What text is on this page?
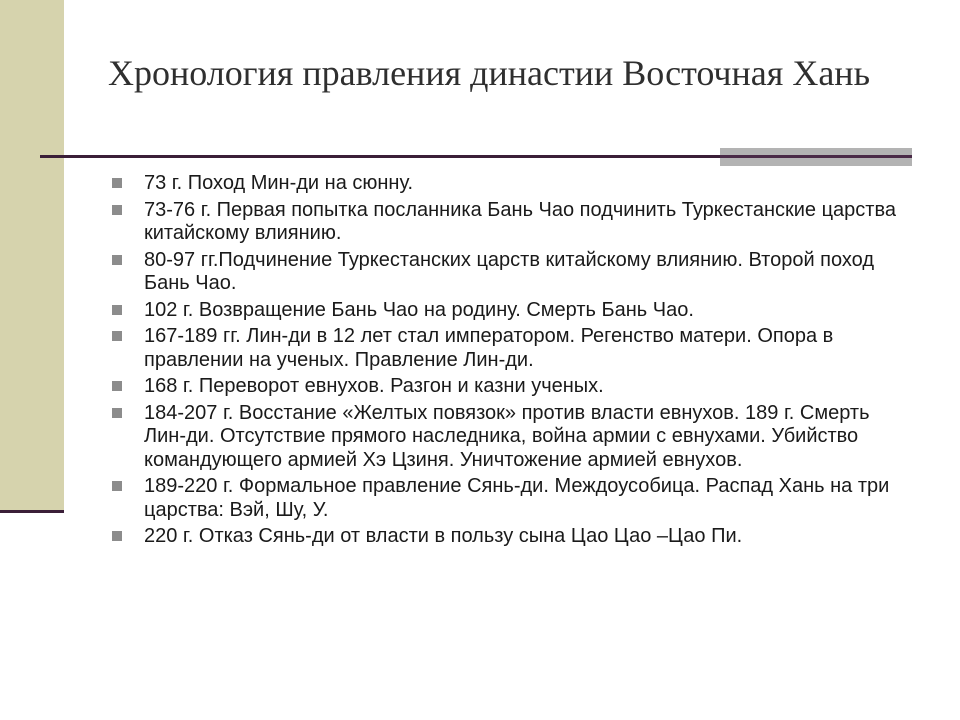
Хронология правления династии Восточная Хань
73 г. Поход Мин-ди на сюнну.
73-76 г. Первая попытка посланника Бань Чао подчинить Туркестанские царства китайскому влиянию.
80-97 гг.Подчинение Туркестанских царств китайскому влиянию. Второй поход Бань Чао.
102 г. Возвращение Бань Чао на родину. Смерть Бань Чао.
167-189 гг. Лин-ди в 12 лет стал императором. Регенство матери. Опора в правлении на ученых. Правление Лин-ди.
168 г. Переворот евнухов. Разгон и казни ученых.
184-207 г. Восстание «Желтых повязок» против власти евнухов. 189 г. Смерть Лин-ди. Отсутствие прямого наследника, война армии с евнухами. Убийство командующего армией Хэ Цзиня. Уничтожение армией евнухов.
189-220 г. Формальное правление Сянь-ди. Междоусобица. Распад Хань на три царства: Вэй, Шу, У.
220 г. Отказ Сянь-ди от власти в пользу сына Цао Цао –Цао Пи.
